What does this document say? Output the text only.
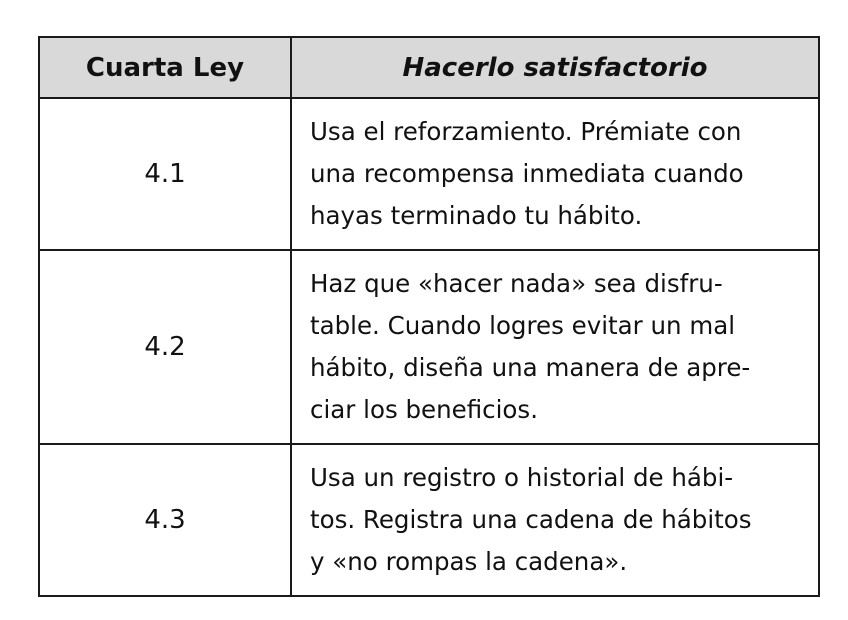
Cuarta Ley	Hacerlo satisfactorio
4.1	Usa el reforzamiento. Prémiate con
una recompensa inmediata cuando
hayas terminado tu hábito.

4.2	Haz que «hacer nada» sea disfru-
table. Cuando logres evitar un mal
hábito, diseña una manera de apre-
ciar los beneficios.

4.3	Usa un registro o historial de hábi-
tos. Registra una cadena de hábitos
y «no rompas la cadena».
